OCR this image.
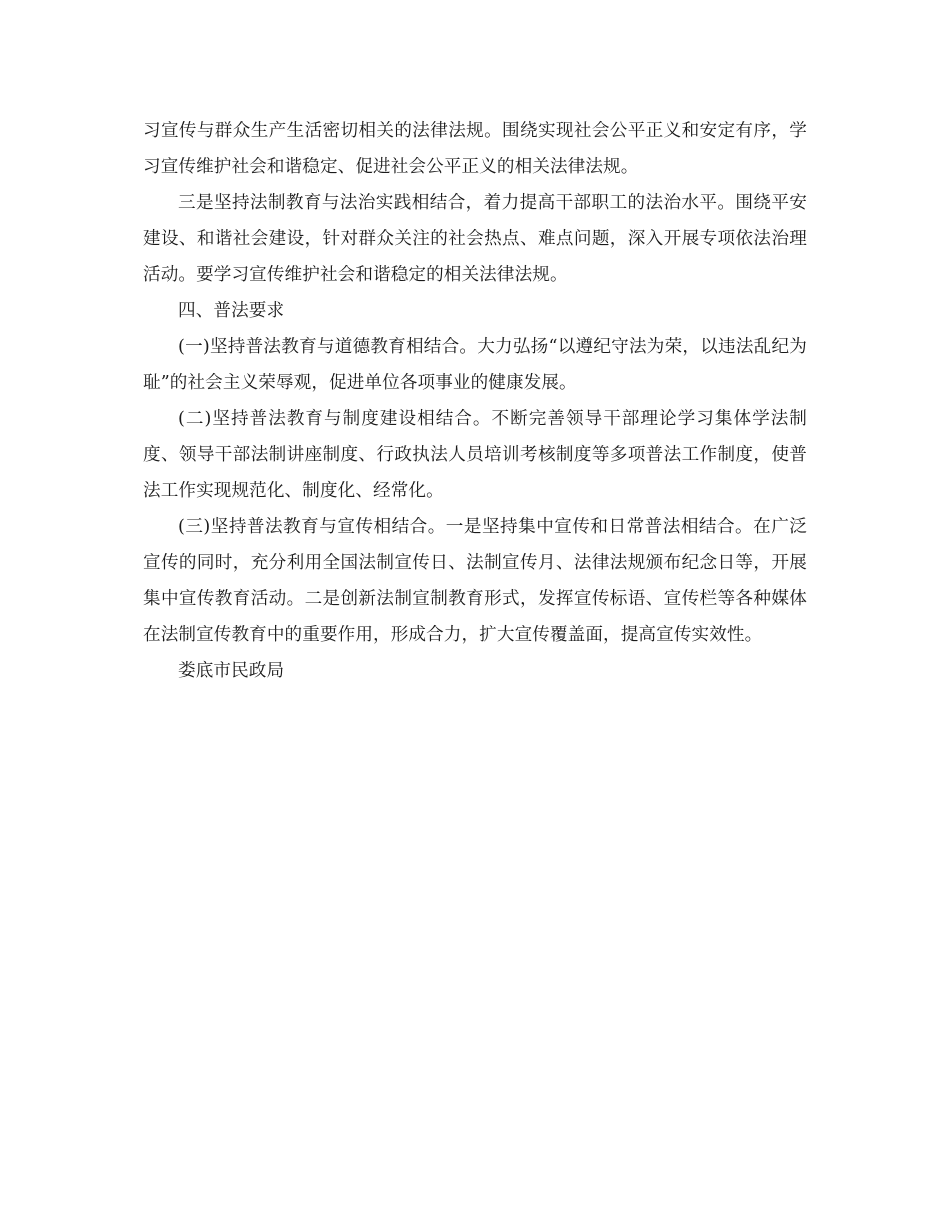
习宣传与群众生产生活密切相关的法律法规。围绕实现社会公平正义和安定有序，学习宣传维护社会和谐稳定、促进社会公平正义的相关法律法规。

三是坚持法制教育与法治实践相结合，着力提高干部职工的法治水平。围绕平安建设、和谐社会建设，针对群众关注的社会热点、难点问题，深入开展专项依法治理活动。要学习宣传维护社会和谐稳定的相关法律法规。

四、普法要求

(一)坚持普法教育与道德教育相结合。大力弘扬“以遵纪守法为荣，以违法乱纪为耻”的社会主义荣辱观，促进单位各项事业的健康发展。

(二)坚持普法教育与制度建设相结合。不断完善领导干部理论学习集体学法制度、领导干部法制讲座制度、行政执法人员培训考核制度等多项普法工作制度，使普法工作实现规范化、制度化、经常化。

(三)坚持普法教育与宣传相结合。一是坚持集中宣传和日常普法相结合。在广泛宣传的同时，充分利用全国法制宣传日、法制宣传月、法律法规颁布纪念日等，开展集中宣传教育活动。二是创新法制宣制教育形式，发挥宣传标语、宣传栏等各种媒体在法制宣传教育中的重要作用，形成合力，扩大宣传覆盖面，提高宣传实效性。

娄底市民政局
